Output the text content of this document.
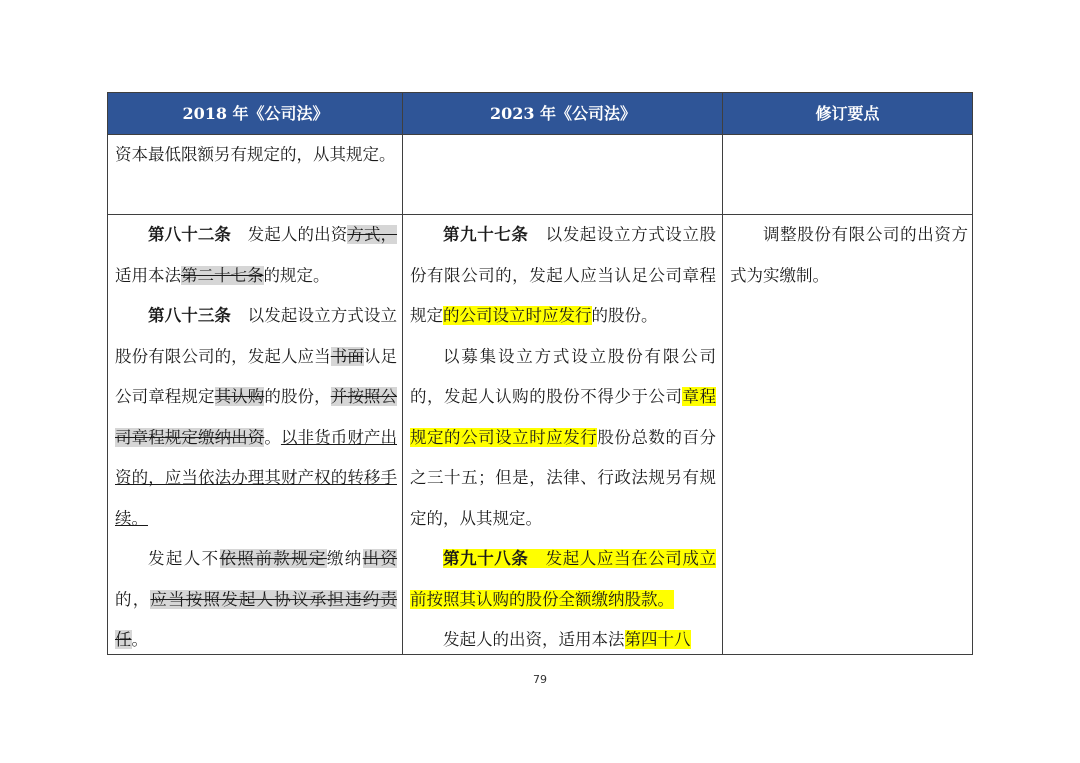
2018 年《公司法》	2023 年《公司法》	修订要点

资本最低限额另有规定的，从其规定。

第八十二条　发起人的出资方式，适用本法第二十七条的规定。

第八十三条　以发起设立方式设立股份有限公司的，发起人应当书面认足公司章程规定其认购的股份，并按照公司章程规定缴纳出资。以非货币财产出资的，应当依法办理其财产权的转移手续。

发起人不依照前款规定缴纳出资的，应当按照发起人协议承担违约责任。

第九十七条　以发起设立方式设立股份有限公司的，发起人应当认足公司章程规定的公司设立时应发行的股份。

以募集设立方式设立股份有限公司的，发起人认购的股份不得少于公司章程规定的公司设立时应发行股份总数的百分之三十五；但是，法律、行政法规另有规定的，从其规定。

第九十八条　发起人应当在公司成立前按照其认购的股份全额缴纳股款。

发起人的出资，适用本法第四十八

调整股份有限公司的出资方式为实缴制。

79
